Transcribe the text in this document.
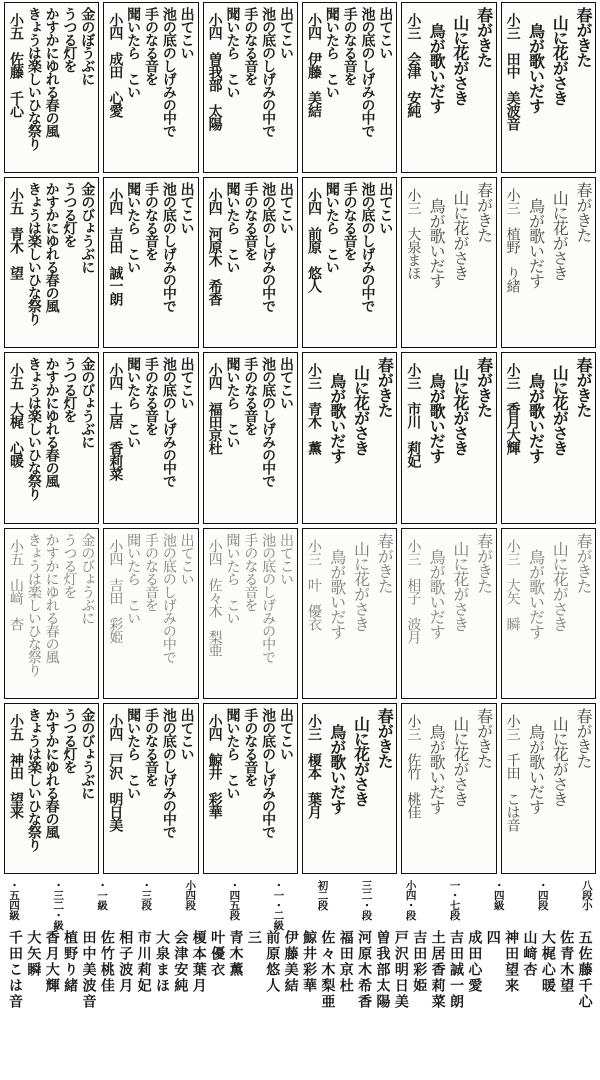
金のぼうぶに
うつる灯を
かすかにゆれる春の風
きょうは楽しいひな祭り
小五　佐藤　千心	出てこい
池の底のしげみの中で
手のなる音を
聞いたら　こい
小四　成田　心愛	出てこい
池の底のしげみの中で
手のなる音を
聞いたら　こい
小四　曽我部　太陽	出てこい
池の底のしげみの中で
手のなる音を
聞いたら　こい
小四　伊藤　美結	春がきた
山に花がさき
鳥が歌いだす
小三　会津　安純	春がきた
山に花がさき
鳥が歌いだす
小三　田中　美波音
金のびょうぶに
うつる灯を
かすかにゆれる春の風
きょうは楽しいひな祭り
小五　青木　望	出てこい
池の底のしげみの中で
手のなる音を
聞いたら　こい
小四　吉田　誠一朗	出てこい
池の底のしげみの中で
手のなる音を
聞いたら　こい
小四　河原木　希香	出てこい
池の底のしげみの中で
手のなる音を
聞いたら　こい
小四　前原　悠人	春がきた
山に花がさき
鳥が歌いだす
小三　大泉まほ	春がきた
山に花がさき
鳥が歌いだす
小三　植野　り緒
金のびょうぶに
うつる灯を
かすかにゆれる春の風
きょうは楽しいひな祭り
小五　大梶　心暖	出てこい
池の底のしげみの中で
手のなる音を
聞いたら　こい
小四　土居　香莉菜	出てこい
池の底のしげみの中で
手のなる音を
聞いたら　こい
小四　福田京杜	春がきた
山に花がさき
鳥が歌いだす
小三　青木　薫	春がきた
山に花がさき
鳥が歌いだす
小三　市川　莉妃	春がきた
山に花がさき
鳥が歌いだす
小三　香月大輝
金のびょうぶに
うつる灯を
かすかにゆれる春の風
きょうは楽しいひな祭り
小五　山﨑　杏	出てこい
池の底のしげみの中で
手のなる音を
聞いたら　こい
小四　吉田　彩姫	出てこい
池の底のしげみの中で
手のなる音を
聞いたら　こい
小四　佐々木　梨亜	春がきた
山に花がさき
鳥が歌いだす
小三　叶　優衣	春がきた
山に花がさき
鳥が歌いだす
小三　相子　波月	春がきた
山に花がさき
鳥が歌いだす
小三　大矢　瞬
金のびょうぶに
うつる灯を
かすかにゆれる春の風
きょうは楽しいひな祭り
小五　神田　望来	出てこい
池の底のしげみの中で
手のなる音を
聞いたら　こい
小四　戸沢　明日美	出てこい
池の底のしげみの中で
手のなる音を
聞いたら　こい
小四　鯨井　彩華	春がきた
山に花がさき
鳥が歌いだす
小三　榎本　葉月	春がきた
山に花がさき
鳥が歌いだす
小三　佐竹　桃佳	春がきた
山に花がさき
鳥が歌いだす
小三　千田　こは音
八段小
・四段
・四級
一・七段
小四・段
三二・段
初二段
・一・二級
・四五段
小四段
・三段
・一級
・三二・級
・五四級
五佐藤千心
佐青木望
大梶心暖
山﨑杏
神田望来
四
成田心愛
吉田誠一朗
土居香莉菜
吉田彩姫
戸沢明日美
曽我部太陽
河原木希香
福田京杜
佐々木梨亜
鯨井彩華
伊藤美結
前原悠人
三
青木薫
叶優衣
榎本葉月
会津安純
大泉まほ
市川莉妃
相子波月
佐竹桃佳
田中美波音
植野り緒
香月大輝
大矢瞬
千田こは音
